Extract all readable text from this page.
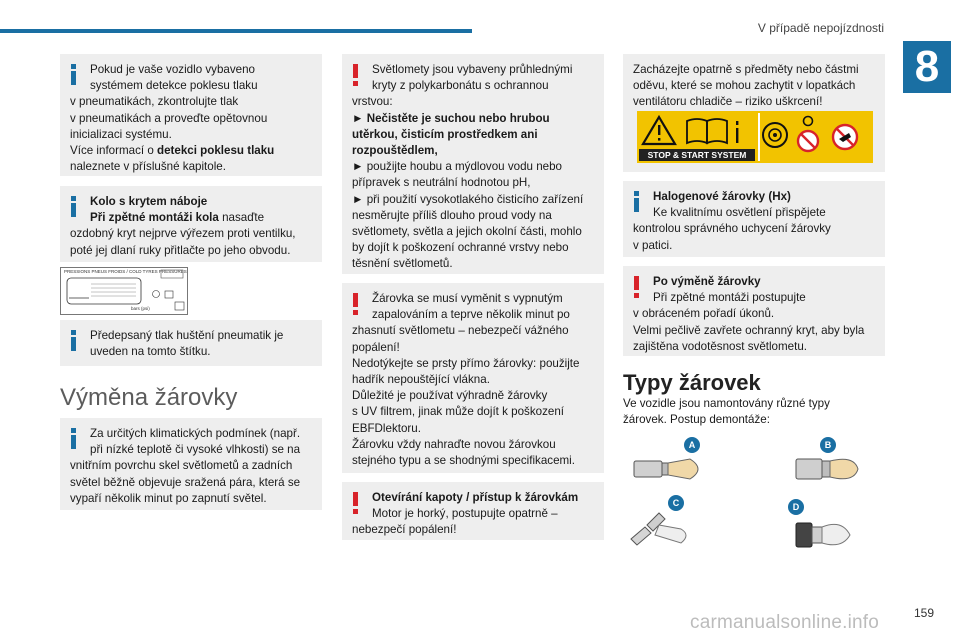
V případě nepojízdnosti
8

Pokud je vaše vozidlo vybaveno

systémem detekce poklesu tlaku

v pneumatikách, zkontrolujte tlak

v pneumatikách a proveďte opětovnou

inicializaci systému.

Více informací o detekci poklesu tlaku

naleznete v příslušné kapitole.

Kolo s krytem náboje

Při zpětné montáži kola nasaďte

ozdobný kryt nejprve výřezem proti ventilku,

poté jej dlaní ruky přitlačte po jeho obvodu.

PRESSIONS PNEUS FROIDS / COLD TYRES PRESSURES
bars (psi)

Předepsaný tlak huštění pneumatik je

uveden na tomto štítku.

Výměna žárovky

Za určitých klimatických podmínek (např.

při nízké teplotě či vysoké vlhkosti) se na

vnitřním povrchu skel světlometů a zadních

světel běžně objevuje sražená pára, která se

vypaří několik minut po zapnutí světel.

Světlomety jsou vybaveny průhlednými

kryty z polykarbonátu s ochrannou

vrstvou:

► Nečistěte je suchou nebo hrubou

utěrkou, čisticím prostředkem ani

rozpouštědlem,

► použijte houbu a mýdlovou vodu nebo

přípravek s neutrální hodnotou pH,

► při použití vysokotlakého čisticího zařízení

nesměrujte příliš dlouho proud vody na

světlomety, světla a jejich okolní části, mohlo

by dojít k poškození ochranné vrstvy nebo

těsnění světlometů.

Žárovka se musí vyměnit s vypnutým

zapalováním a teprve několik minut po

zhasnutí světlometu – nebezpečí vážného

popálení!

Nedotýkejte se prsty přímo žárovky: použijte

hadřík nepouštějící vlákna.

Důležité je používat výhradně žárovky

s UV filtrem, jinak může dojít k poškození

EBFDlektoru.

Žárovku vždy nahraďte novou žárovkou

stejného typu a se shodnými specifikacemi.

Otevírání kapoty / přístup k žárovkám

Motor je horký, postupujte opatrně –

nebezpečí popálení!

Zacházejte opatrně s předměty nebo částmi

oděvu, které se mohou zachytit v lopatkách

ventilátoru chladiče – riziko uškrcení!

STOP & START SYSTEM

Halogenové žárovky (Hx)

Ke kvalitnímu osvětlení přispějete

kontrolou správného uchycení žárovky

v patici.

Po výměně žárovky

Při zpětné montáži postupujte

v obráceném pořadí úkonů.

Velmi pečlivě zavřete ochranný kryt, aby byla

zajištěna vodotěsnost světlometu.

Typy žárovek

Ve vozidle jsou namontovány různé typy

žárovek. Postup demontáže:

A	B
C	D
159
carmanualsonline.info
